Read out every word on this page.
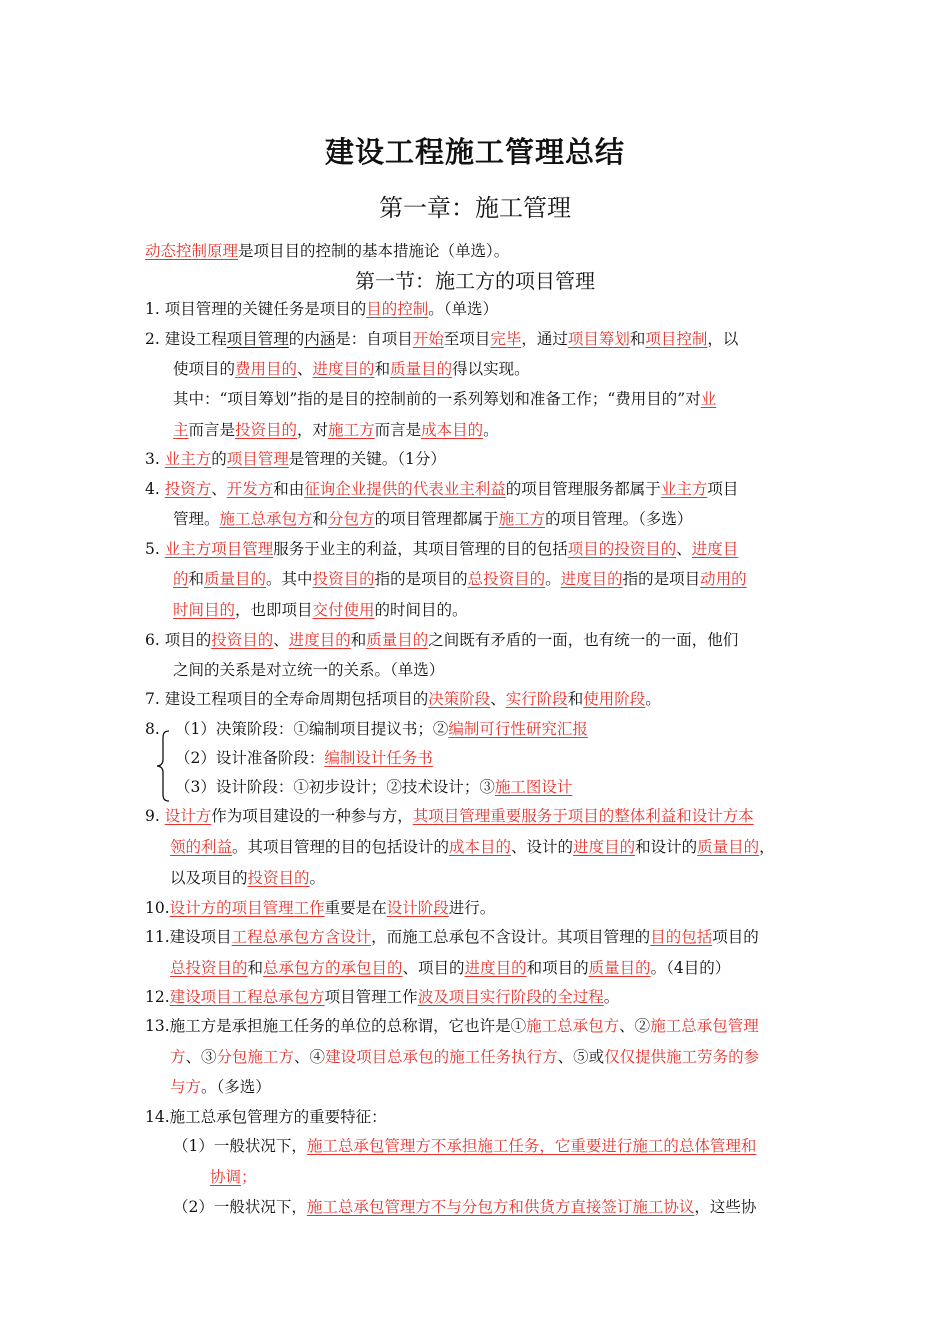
建设工程施工管理总结
第一章：施工管理
第一节：施工方的项目管理
动态控制原理是项目目的控制的基本措施论（单选）。
1. 项目管理的关键任务是项目的目的控制。（单选）
2. 建设工程项目管理的内涵是：自项目开始至项目完毕，通过项目筹划和项目控制，以
使项目的费用目的、进度目的和质量目的得以实现。
其中：“项目筹划”指的是目的控制前的一系列筹划和准备工作；“费用目的”对业
主而言是投资目的，对施工方而言是成本目的。
3. 业主方的项目管理是管理的关键。（1分）
4. 投资方、开发方和由征询企业提供的代表业主利益的项目管理服务都属于业主方项目
管理。施工总承包方和分包方的项目管理都属于施工方的项目管理。（多选）
5. 业主方项目管理服务于业主的利益，其项目管理的目的包括项目的投资目的、进度目
的和质量目的。其中投资目的指的是项目的总投资目的。进度目的指的是项目动用的
时间目的，也即项目交付使用的时间目的。
6. 项目的投资目的、进度目的和质量目的之间既有矛盾的一面，也有统一的一面，他们
之间的关系是对立统一的关系。（单选）
7. 建设工程项目的全寿命周期包括项目的决策阶段、实行阶段和使用阶段。
8. （1）决策阶段：①编制项目提议书；②编制可行性研究汇报
（2）设计准备阶段：编制设计任务书
（3）设计阶段：①初步设计；②技术设计；③施工图设计
9. 设计方作为项目建设的一种参与方，其项目管理重要服务于项目的整体利益和设计方本
领的利益。其项目管理的目的包括设计的成本目的、设计的进度目的和设计的质量目的，
以及项目的投资目的。
10.设计方的项目管理工作重要是在设计阶段进行。
11.建设项目工程总承包方含设计，而施工总承包不含设计。其项目管理的目的包括项目的
总投资目的和总承包方的承包目的、项目的进度目的和项目的质量目的。（4目的）
12.建设项目工程总承包方项目管理工作波及项目实行阶段的全过程。
13.施工方是承担施工任务的单位的总称谓，它也许是①施工总承包方、②施工总承包管理
方、③分包施工方、④建设项目总承包的施工任务执行方、⑤或仅仅提供施工劳务的参
与方。（多选）
14.施工总承包管理方的重要特征：
（1）一般状况下，施工总承包管理方不承担施工任务，它重要进行施工的总体管理和
协调；
（2）一般状况下，施工总承包管理方不与分包方和供货方直接签订施工协议，这些协
